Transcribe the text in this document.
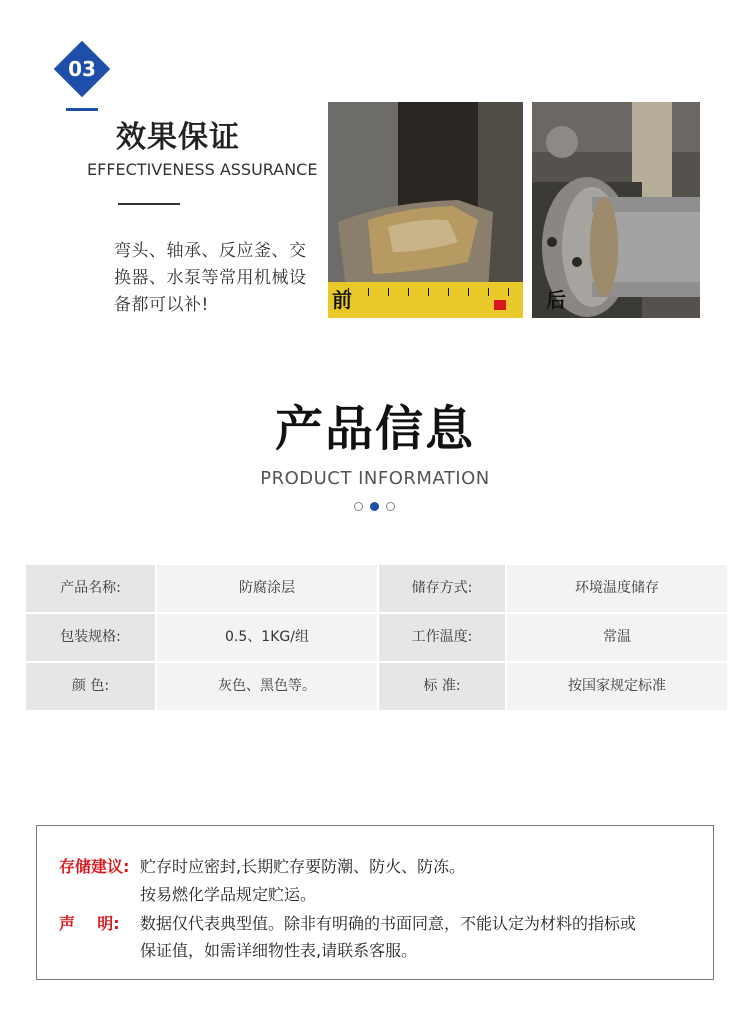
03
效果保证
EFFECTIVENESS ASSURANCE
弯头、轴承、反应釜、交换器、水泵等常用机械设备都可以补!	前	后
产品信息
PRODUCT INFORMATION
产品名称:	防腐涂层	储存方式:	环境温度储存
包装规格:	0.5、1KG/组	工作温度:	常温
颜 色:	灰色、黑色等。	标 准:	按国家规定标准
存储建议: 贮存时应密封,长期贮存要防潮、防火、防冻。
按易燃化学品规定贮运。
声    明: 数据仅代表典型值。除非有明确的书面同意，不能认定为材料的指标或
保证值，如需详细物性表,请联系客服。
